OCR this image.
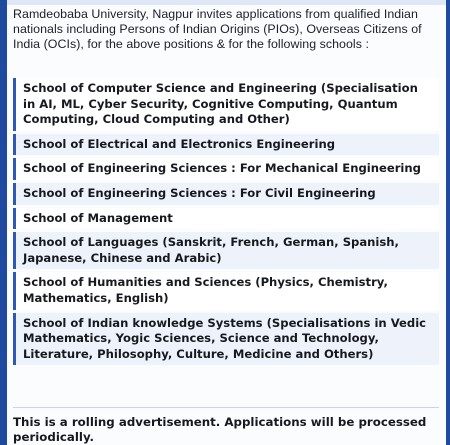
Ramdeobaba University, Nagpur invites applications from qualified Indian nationals including Persons of Indian Origins (PIOs), Overseas Citizens of India (OCIs), for the above positions & for the following schools :
School of Computer Science and Engineering (Specialisation in AI, ML, Cyber Security, Cognitive Computing, Quantum Computing, Cloud Computing and Other)
School of Electrical and Electronics Engineering
School of Engineering Sciences : For Mechanical Engineering
School of Engineering Sciences : For Civil Engineering
School of Management
School of Languages (Sanskrit, French, German, Spanish, Japanese, Chinese and Arabic)
School of Humanities and Sciences (Physics, Chemistry, Mathematics, English)
School of Indian knowledge Systems (Specialisations in Vedic Mathematics, Yogic Sciences, Science and Technology, Literature, Philosophy, Culture, Medicine and Others)
This is a rolling advertisement. Applications will be processed periodically.
